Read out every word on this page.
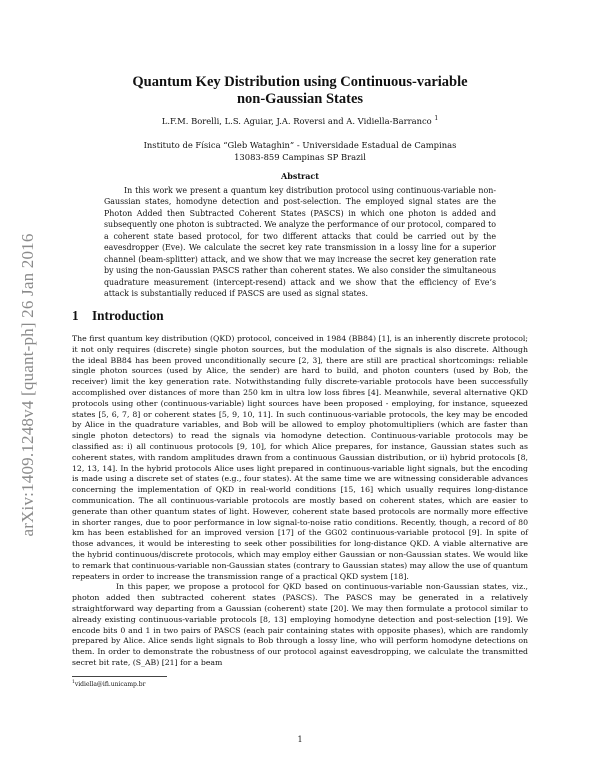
arXiv:1409.1248v4 [quant-ph] 26 Jan 2016
Quantum Key Distribution using Continuous-variable
non-Gaussian States
L.F.M. Borelli, L.S. Aguiar, J.A. Roversi and A. Vidiella-Barranco $^1$
Instituto de Física “Gleb Wataghin” - Universidade Estadual de Campinas
13083-859 Campinas SP Brazil
Abstract
In this work we present a quantum key distribution protocol using continuous-variable non-Gaussian states, homodyne detection and post-selection. The employed signal states are the Photon Added then Subtracted Coherent States (PASCS) in which one photon is added and subsequently one photon is subtracted. We analyze the performance of our protocol, compared to a coherent state based protocol, for two different attacks that could be carried out by the eavesdropper (Eve). We calculate the secret key rate transmission in a lossy line for a superior channel (beam-splitter) attack, and we show that we may increase the secret key generation rate by using the non-Gaussian PASCS rather than coherent states. We also consider the simultaneous quadrature measurement (intercept-resend) attack and we show that the efficiency of Eve’s attack is substantially reduced if PASCS are used as signal states.
1 Introduction

The first quantum key distribution (QKD) protocol, conceived in 1984 (BB84) [1], is an inherently discrete protocol; it not only requires (discrete) single photon sources, but the modulation of the signals is also discrete. Although the ideal BB84 has been proved unconditionally secure [2, 3], there are still are practical shortcomings: reliable single photon sources (used by Alice, the sender) are hard to build, and photon counters (used by Bob, the receiver) limit the key generation rate. Notwithstanding fully discrete-variable protocols have been successfully accomplished over distances of more than 250 km in ultra low loss fibres [4]. Meanwhile, several alternative QKD protocols using other (continuous-variable) light sources have been proposed - employing, for instance, squeezed states [5, 6, 7, 8] or coherent states [5, 9, 10, 11]. In such continuous-variable protocols, the key may be encoded by Alice in the quadrature variables, and Bob will be allowed to employ photomultipliers (which are faster than single photon detectors) to read the signals via homodyne detection. Continuous-variable protocols may be classified as: i) all continuous protocols [9, 10], for which Alice prepares, for instance, Gaussian states such as coherent states, with random amplitudes drawn from a continuous Gaussian distribution, or ii) hybrid protocols [8, 12, 13, 14]. In the hybrid protocols Alice uses light prepared in continuous-variable light signals, but the encoding is made using a discrete set of states (e.g., four states). At the same time we are witnessing considerable advances concerning the implementation of QKD in real-world conditions [15, 16] which usually requires long-distance communication. The all continuous-variable protocols are mostly based on coherent states, which are easier to generate than other quantum states of light. However, coherent state based protocols are normally more effective in shorter ranges, due to poor performance in low signal-to-noise ratio conditions. Recently, though, a record of 80 km has been established for an improved version [17] of the GG02 continuous-variable protocol [9]. In spite of those advances, it would be interesting to seek other possibilities for long-distance QKD. A viable alternative are the hybrid continuous/discrete protocols, which may employ either Gaussian or non-Gaussian states. We would like to remark that continuous-variable non-Gaussian states (contrary to Gaussian states) may allow the use of quantum repeaters in order to increase the transmission range of a practical QKD system [18].

In this paper, we propose a protocol for QKD based on continuous-variable non-Gaussian states, viz., photon added then subtracted coherent states (PASCS). The PASCS may be generated in a relatively straightforward way departing from a Gaussian (coherent) state [20]. We may then formulate a protocol similar to already existing continuous-variable protocols [8, 13] employing homodyne detection and post-selection [19]. We encode bits 0 and 1 in two pairs of PASCS (each pair containing states with opposite phases), which are randomly prepared by Alice. Alice sends light signals to Bob through a lossy line, who will perform homodyne detections on them. In order to demonstrate the robustness of our protocol against eavesdropping, we calculate the transmitted secret bit rate, (S_AB) [21] for a beam

$^1$vidiella@ifi.unicamp.br
1
